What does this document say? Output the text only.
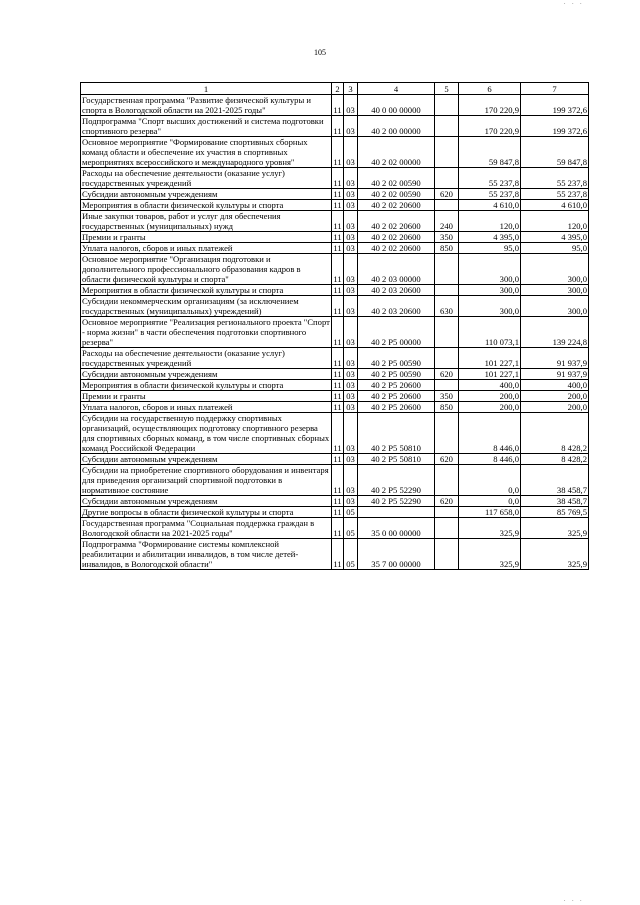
· · ·
105
1	2	3	4	5	6	7
Государственная программа "Развитие физической культуры и спорта в Вологодской области на 2021-2025 годы"	11	03	40 0 00 00000		170 220,9	199 372,6
Подпрограмма "Спорт высших достижений и система подготовки спортивного резерва"	11	03	40 2 00 00000		170 220,9	199 372,6
Основное мероприятие "Формирование спортивных сборных команд области и обеспечение их участия в спортивных мероприятиях всероссийского и международного уровня"	11	03	40 2 02 00000		59 847,8	59 847,8
Расходы на обеспечение деятельности (оказание услуг) государственных учреждений	11	03	40 2 02 00590		55 237,8	55 237,8
Субсидии автономным учреждениям	11	03	40 2 02 00590	620	55 237,8	55 237,8
Мероприятия в области физической культуры и спорта	11	03	40 2 02 20600		4 610,0	4 610,0
Иные закупки товаров, работ и услуг для обеспечения государственных (муниципальных) нужд	11	03	40 2 02 20600	240	120,0	120,0
Премии и гранты	11	03	40 2 02 20600	350	4 395,0	4 395,0
Уплата налогов, сборов и иных платежей	11	03	40 2 02 20600	850	95,0	95,0
Основное мероприятие "Организация подготовки и дополнительного профессионального образования кадров в области физической культуры и спорта"	11	03	40 2 03 00000		300,0	300,0
Мероприятия в области физической культуры и спорта	11	03	40 2 03 20600		300,0	300,0
Субсидии некоммерческим организациям (за исключением государственных (муниципальных) учреждений)	11	03	40 2 03 20600	630	300,0	300,0
Основное мероприятие "Реализация регионального проекта "Спорт - норма жизни" в части обеспечения подготовки спортивного резерва"	11	03	40 2 P5 00000		110 073,1	139 224,8
Расходы на обеспечение деятельности (оказание услуг) государственных учреждений	11	03	40 2 P5 00590		101 227,1	91 937,9
Субсидии автономным учреждениям	11	03	40 2 P5 00590	620	101 227,1	91 937,9
Мероприятия в области физической культуры и спорта	11	03	40 2 P5 20600		400,0	400,0
Премии и гранты	11	03	40 2 P5 20600	350	200,0	200,0
Уплата налогов, сборов и иных платежей	11	03	40 2 P5 20600	850	200,0	200,0
Субсидии на государственную поддержку спортивных организаций, осуществляющих подготовку спортивного резерва для спортивных сборных команд, в том числе спортивных сборных команд Российской Федерации	11	03	40 2 P5 50810		8 446,0	8 428,2
Субсидии автономным учреждениям	11	03	40 2 P5 50810	620	8 446,0	8 428,2
Субсидии на приобретение спортивного оборудования и инвентаря для приведения организаций спортивной подготовки в нормативное состояние	11	03	40 2 P5 52290		0,0	38 458,7
Субсидии автономным учреждениям	11	03	40 2 P5 52290	620	0,0	38 458,7
Другие вопросы в области физической культуры и спорта	11	05			117 658,0	85 769,5
Государственная программа "Социальная поддержка граждан в Вологодской области на 2021-2025 годы"	11	05	35 0 00 00000		325,9	325,9
Подпрограмма "Формирование системы комплексной реабилитации и абилитации инвалидов, в том числе детей-инвалидов, в Вологодской области"	11	05	35 7 00 00000		325,9	325,9
· · ·
